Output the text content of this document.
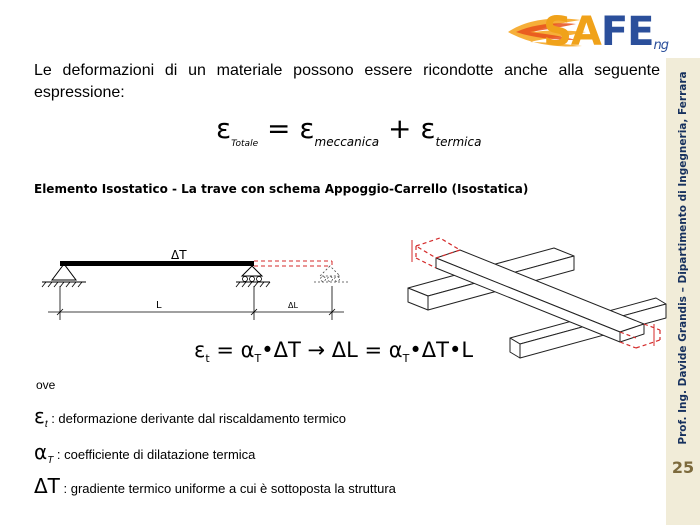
SAFEng
Prof. Ing. Davide Grandis – Dipartimento di Ingegneria, Ferrara
25
Le deformazioni di un materiale possono essere ricondotte anche alla seguente espressione:
$\varepsilon_{Totale} = \varepsilon_{meccanica} + \varepsilon_{termica}$
Elemento Isostatico - La trave con schema Appoggio-Carrello (Isostatica)
ΔT
L	ΔL
$\varepsilon_t$ = $\alpha_T•\Delta T \to \Delta L$ = $\alpha_T•\Delta T•L$
ove
$\varepsilon_t$ : deformazione derivante dal riscaldamento termico
$\alpha_T$ : coefficiente di dilatazione termica
ΔT : gradiente termico uniforme a cui è sottoposta la struttura
